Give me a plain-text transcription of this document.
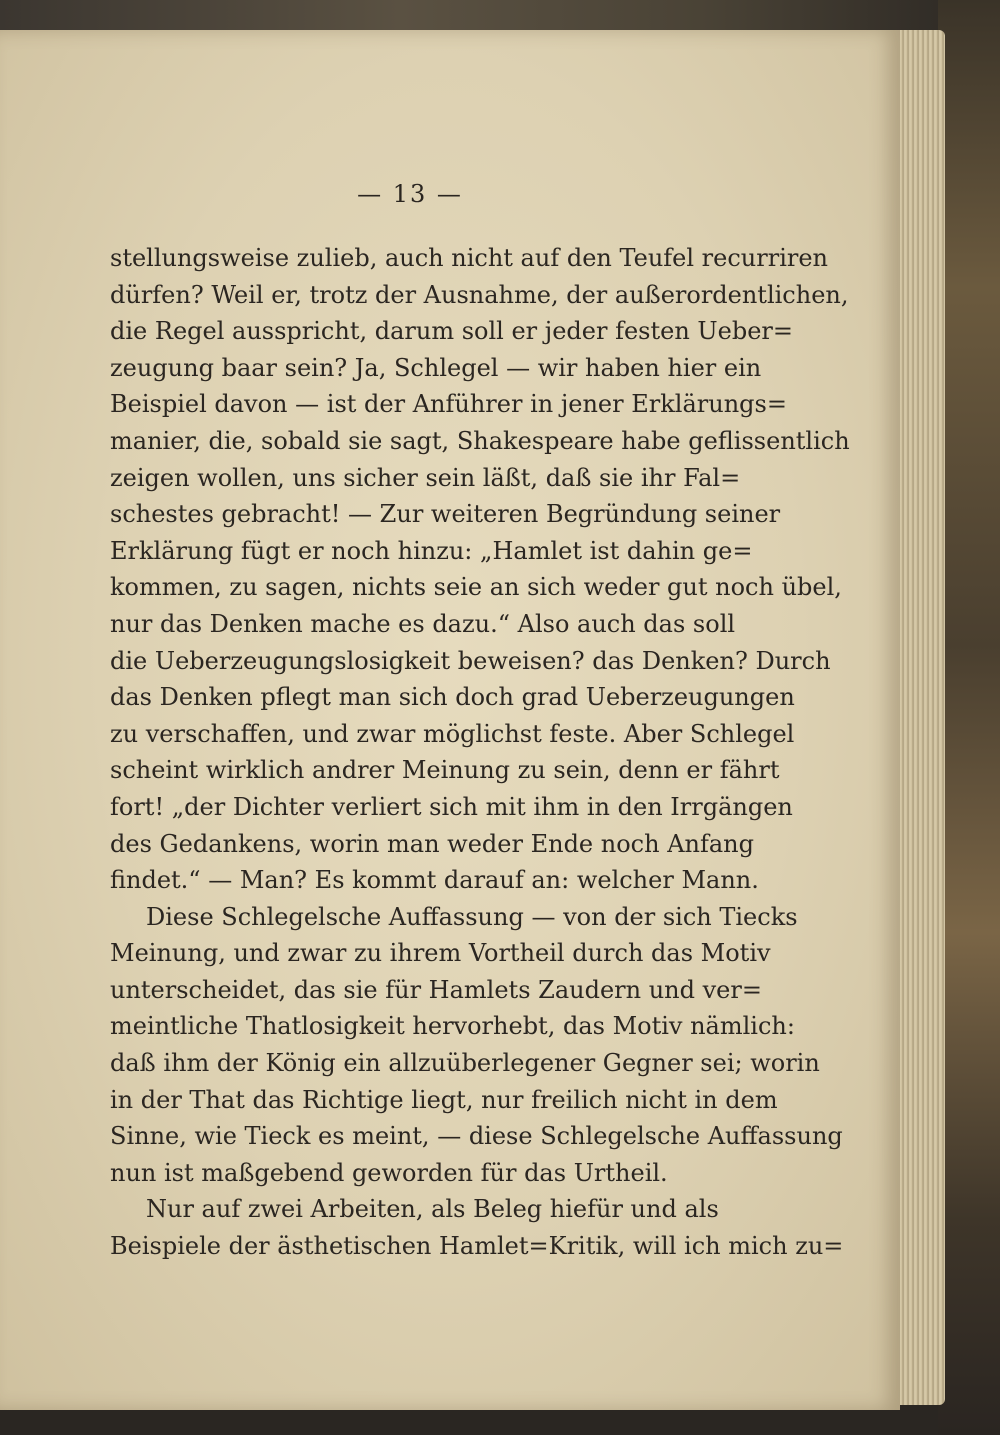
— 13 —
stellungsweise zulieb, auch nicht auf den Teufel recurriren
dürfen? Weil er, trotz der Ausnahme, der außerordentlichen,
die Regel ausspricht, darum soll er jeder festen Ueber=
zeugung baar sein? Ja, Schlegel — wir haben hier ein
Beispiel davon — ist der Anführer in jener Erklärungs=
manier, die, sobald sie sagt, Shakespeare habe geflissentlich
zeigen wollen, uns sicher sein läßt, daß sie ihr Fal=
schestes gebracht! — Zur weiteren Begründung seiner
Erklärung fügt er noch hinzu: „Hamlet ist dahin ge=
kommen, zu sagen, nichts seie an sich weder gut noch übel,
nur das Denken mache es dazu.“ Also auch das soll
die Ueberzeugungslosigkeit beweisen? das Denken? Durch
das Denken pflegt man sich doch grad Ueberzeugungen
zu verschaffen, und zwar möglichst feste. Aber Schlegel
scheint wirklich andrer Meinung zu sein, denn er fährt
fort! „der Dichter verliert sich mit ihm in den Irrgängen
des Gedankens, worin man weder Ende noch Anfang
findet.“ — Man? Es kommt darauf an: welcher Mann.
Diese Schlegelsche Auffassung — von der sich Tiecks
Meinung, und zwar zu ihrem Vortheil durch das Motiv
unterscheidet, das sie für Hamlets Zaudern und ver=
meintliche Thatlosigkeit hervorhebt, das Motiv nämlich:
daß ihm der König ein allzuüberlegener Gegner sei; worin
in der That das Richtige liegt, nur freilich nicht in dem
Sinne, wie Tieck es meint, — diese Schlegelsche Auffassung
nun ist maßgebend geworden für das Urtheil.
Nur auf zwei Arbeiten, als Beleg hiefür und als
Beispiele der ästhetischen Hamlet=Kritik, will ich mich zu=
